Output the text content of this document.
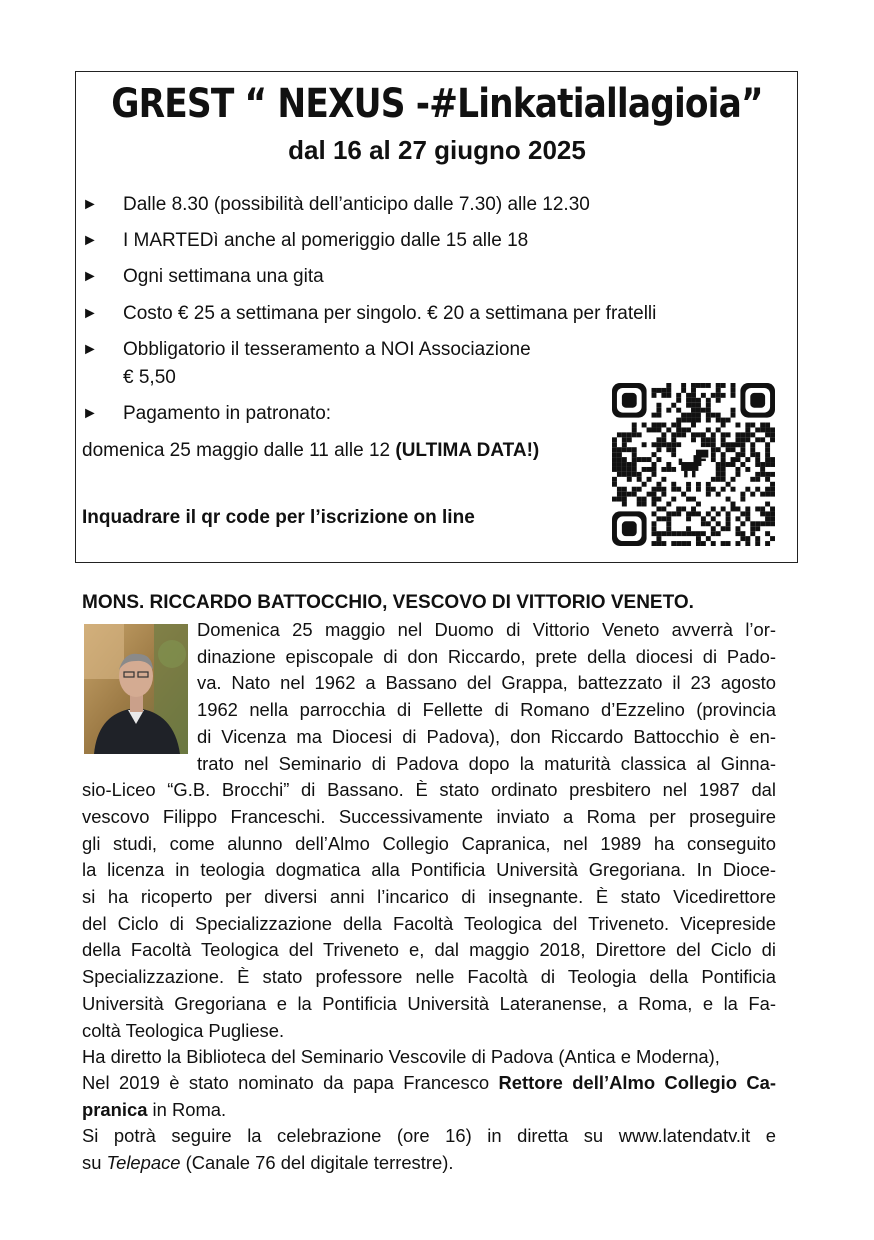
GREST “ NEXUS -#Linkatiallagioia”
dal 16 al 27 giugno 2025
► Dalle 8.30 (possibilità dell’anticipo dalle 7.30) alle 12.30
► I MARTEDì anche al pomeriggio dalle 15 alle 18
► Ogni settimana una gita
► Costo € 25 a settimana per singolo. € 20 a settimana per fratelli
► Obbligatorio il tesseramento a NOI Associazione
€ 5,50
► Pagamento in patronato:
domenica 25 maggio dalle 11 alle 12 (ULTIMA DATA!)
Inquadrare il qr code per l’iscrizione on line
MONS. RICCARDO BATTOCCHIO, VESCOVO DI VITTORIO VENETO.
Domenica 25 maggio nel Duomo di Vittorio Veneto avverrà l’or-
dinazione episcopale di don Riccardo, prete della diocesi di Pado-
va. Nato nel 1962 a Bassano del Grappa, battezzato il 23 agosto
1962 nella parrocchia di Fellette di Romano d’Ezzelino (provincia
di Vicenza ma Diocesi di Padova), don Riccardo Battocchio è en-
trato nel Seminario di Padova dopo la maturità classica al Ginna-
sio-Liceo “G.B. Brocchi” di Bassano. È stato ordinato presbitero nel 1987 dal
vescovo Filippo Franceschi. Successivamente inviato a Roma per proseguire
gli studi, come alunno dell’Almo Collegio Capranica, nel 1989 ha conseguito
la licenza in teologia dogmatica alla Pontificia Università Gregoriana. In Dioce-
si ha ricoperto per diversi anni l’incarico di insegnante. È stato Vicedirettore
del Ciclo di Specializzazione della Facoltà Teologica del Triveneto. Vicepreside
della Facoltà Teologica del Triveneto e, dal maggio 2018, Direttore del Ciclo di
Specializzazione. È stato professore nelle Facoltà di Teologia della Pontificia
Università Gregoriana e la Pontificia Università Lateranense, a Roma, e la Fa-
coltà Teologica Pugliese.
Ha diretto la Biblioteca del Seminario Vescovile di Padova (Antica e Moderna),
Nel 2019 è stato nominato da papa Francesco Rettore dell’Almo Collegio Ca-
pranica in Roma.
Si potrà seguire la celebrazione (ore 16) in diretta su www.latendatv.it e
su Telepace (Canale 76 del digitale terrestre).
